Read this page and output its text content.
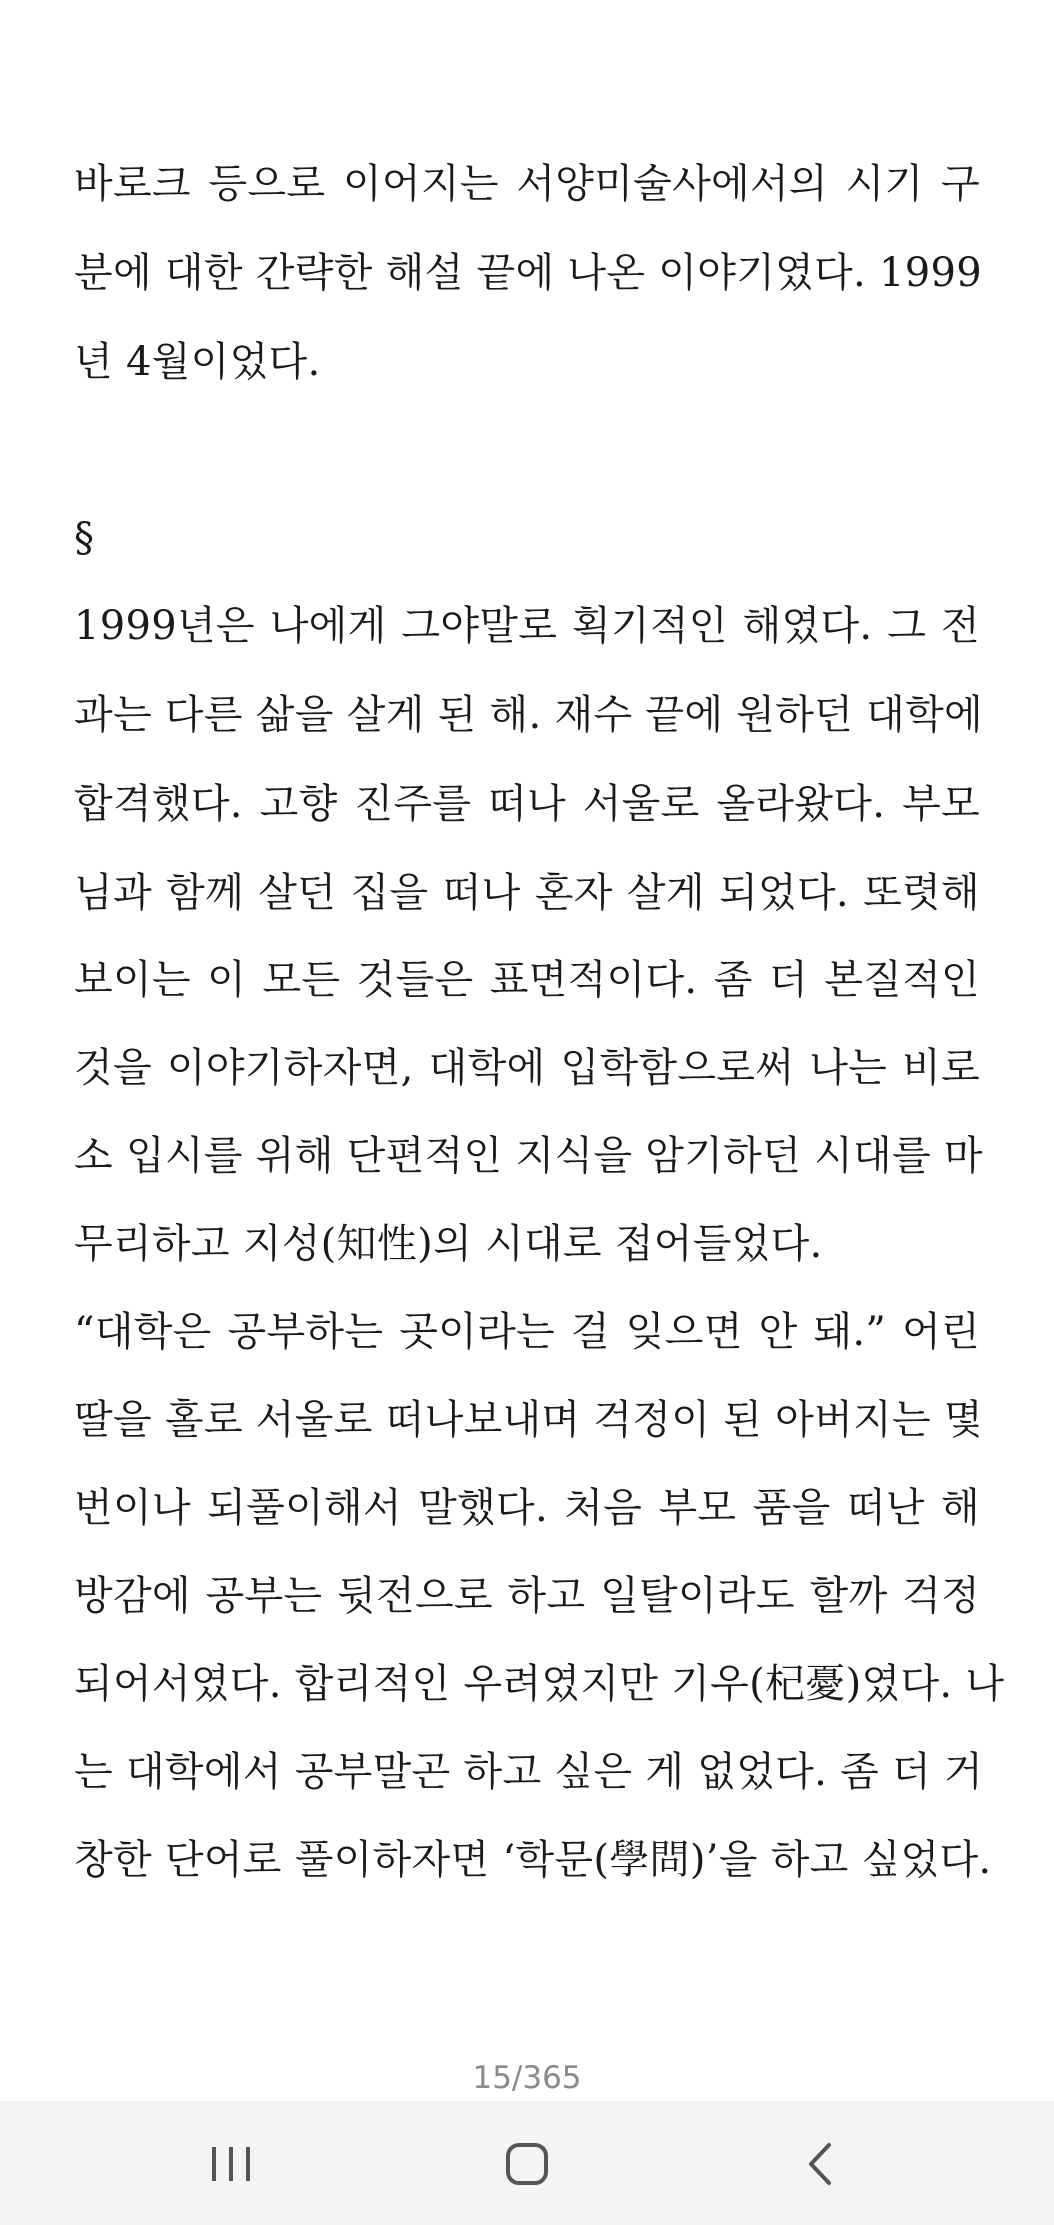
바로크 등으로 이어지는 서양미술사에서의 시기 구
분에 대한 간략한 해설 끝에 나온 이야기였다. 1999
년 4월이었다.
§
1999년은 나에게 그야말로 획기적인 해였다. 그 전
과는 다른 삶을 살게 된 해. 재수 끝에 원하던 대학에
합격했다. 고향 진주를 떠나 서울로 올라왔다. 부모
님과 함께 살던 집을 떠나 혼자 살게 되었다. 또렷해
보이는 이 모든 것들은 표면적이다. 좀 더 본질적인
것을 이야기하자면, 대학에 입학함으로써 나는 비로
소 입시를 위해 단편적인 지식을 암기하던 시대를 마
무리하고 지성(知性)의 시대로 접어들었다.
“대학은 공부하는 곳이라는 걸 잊으면 안 돼.” 어린
딸을 홀로 서울로 떠나보내며 걱정이 된 아버지는 몇
번이나 되풀이해서 말했다. 처음 부모 품을 떠난 해
방감에 공부는 뒷전으로 하고 일탈이라도 할까 걱정
되어서였다. 합리적인 우려였지만 기우(杞憂)였다. 나
는 대학에서 공부말곤 하고 싶은 게 없었다. 좀 더 거
창한 단어로 풀이하자면 ‘학문(學問)’을 하고 싶었다.
15/365
